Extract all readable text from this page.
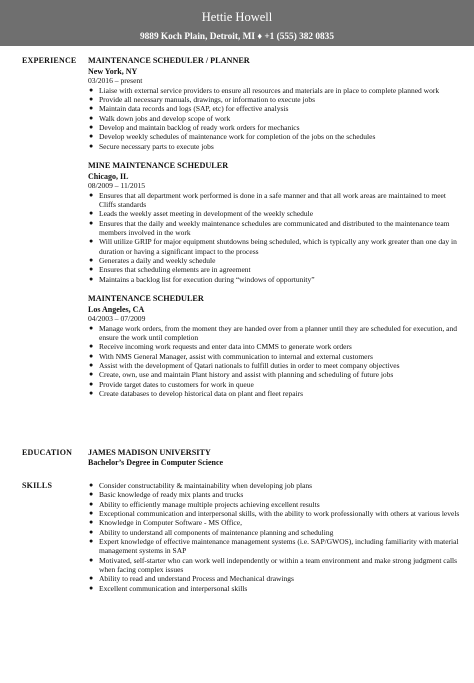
Hettie Howell
9889 Koch Plain, Detroit, MI ♦ +1 (555) 382 0835
EXPERIENCE MAINTENANCE SCHEDULER / PLANNER
New York, NY
03/2016 – present
● Liaise with external service providers to ensure all resources and materials are in place to complete planned work
● Provide all necessary manuals, drawings, or information to execute jobs
● Maintain data records and logs (SAP, etc) for effective analysis
● Walk down jobs and develop scope of work
● Develop and maintain backlog of ready work orders for mechanics
● Develop weekly schedules of maintenance work for completion of the jobs on the schedules
● Secure necessary parts to execute jobs
MINE MAINTENANCE SCHEDULER
Chicago, IL
08/2009 – 11/2015
● Ensures that all department work performed is done in a safe manner and that all work areas are maintained to meet Cliffs standards
● Leads the weekly asset meeting in development of the weekly schedule
● Ensures that the daily and weekly maintenance schedules are communicated and distributed to the maintenance team members involved in the work
● Will utilize GRIP for major equipment shutdowns being scheduled, which is typically any work greater than one day in duration or having a significant impact to the process
● Generates a daily and weekly schedule
● Ensures that scheduling elements are in agreement
● Maintains a backlog list for execution during “windows of opportunity”
MAINTENANCE SCHEDULER
Los Angeles, CA
04/2003 – 07/2009
● Manage work orders, from the moment they are handed over from a planner until they are scheduled for execution, and ensure the work until completion
● Receive incoming work requests and enter data into CMMS to generate work orders
● With NMS General Manager, assist with communication to internal and external customers
● Assist with the development of Qatari nationals to fulfill duties in order to meet company objectives
● Create, own, use and maintain Plant history and assist with planning and scheduling of future jobs
● Provide target dates to customers for work in queue
● Create databases to develop historical data on plant and fleet repairs
EDUCATION JAMES MADISON UNIVERSITY
Bachelor’s Degree in Computer Science
SKILLS	● Consider constructability & maintainability when developing job plans
● Basic knowledge of ready mix plants and trucks
● Ability to efficiently manage multiple projects achieving excellent results
● Exceptional communication and interpersonal skills, with the ability to work professionally with others at various levels
● Knowledge in Computer Software - MS Office,
● Ability to understand all components of maintenance planning and scheduling
● Expert knowledge of effective maintenance management systems (i.e. SAP/GWOS), including familiarity with material management systems in SAP
● Motivated, self-starter who can work well independently or within a team environment and make strong judgment calls when facing complex issues
● Ability to read and understand Process and Mechanical drawings
● Excellent communication and interpersonal skills
